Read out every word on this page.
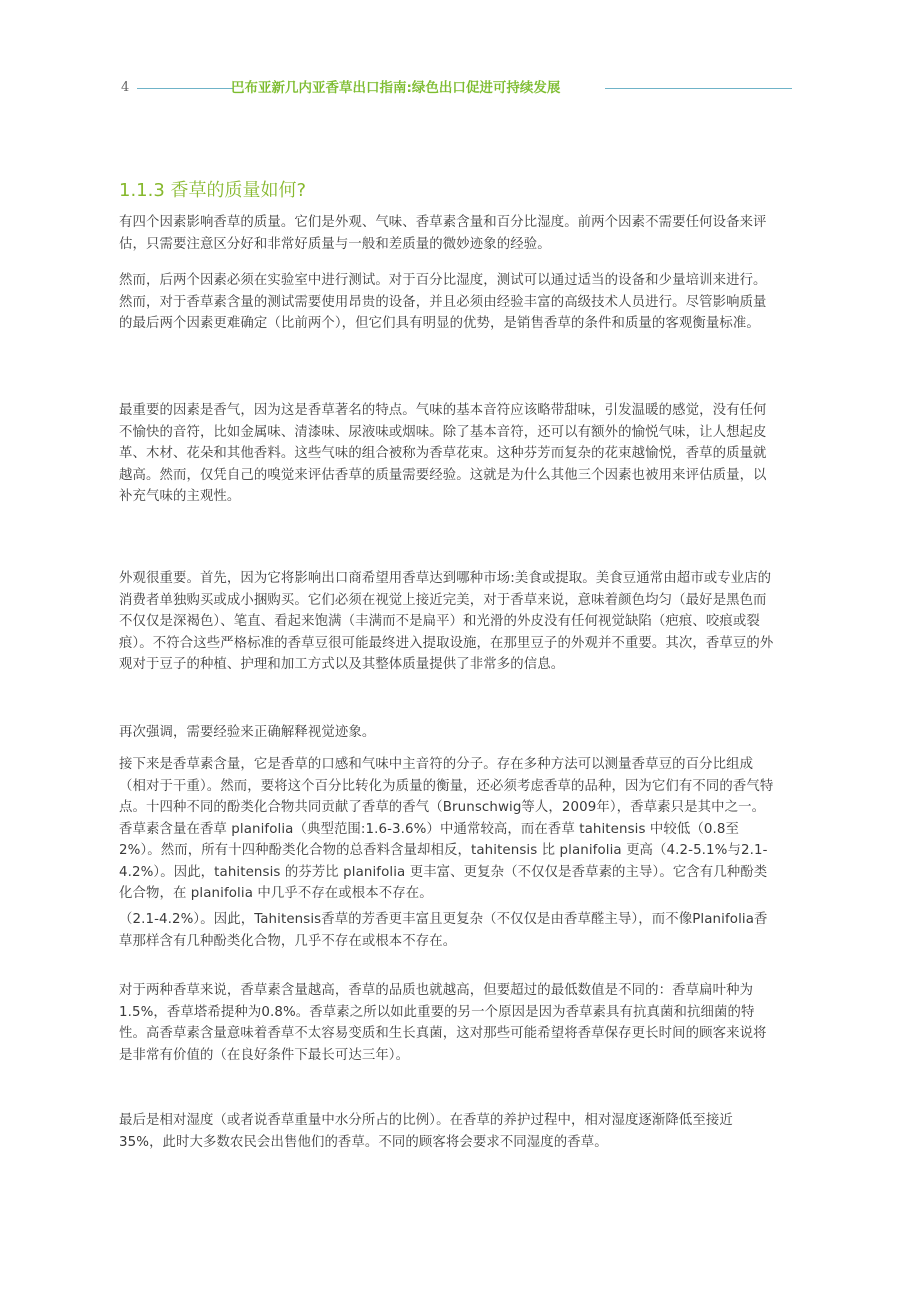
4	巴布亚新几内亚香草出口指南:绿色出口促进可持续发展
1.1.3 香草的质量如何?

有四个因素影响香草的质量。它们是外观、气味、香草素含量和百分比湿度。前两个因素不需要任何设备来评估，只需要注意区分好和非常好质量与一般和差质量的微妙迹象的经验。

然而，后两个因素必须在实验室中进行测试。对于百分比湿度，测试可以通过适当的设备和少量培训来进行。然而，对于香草素含量的测试需要使用昂贵的设备，并且必须由经验丰富的高级技术人员进行。尽管影响质量的最后两个因素更难确定（比前两个），但它们具有明显的优势，是销售香草的条件和质量的客观衡量标准。

最重要的因素是香气，因为这是香草著名的特点。气味的基本音符应该略带甜味，引发温暖的感觉，没有任何不愉快的音符，比如金属味、清漆味、尿液味或烟味。除了基本音符，还可以有额外的愉悦气味，让人想起皮革、木材、花朵和其他香料。这些气味的组合被称为香草花束。这种芬芳而复杂的花束越愉悦，香草的质量就越高。然而，仅凭自己的嗅觉来评估香草的质量需要经验。这就是为什么其他三个因素也被用来评估质量，以补充气味的主观性。

外观很重要。首先，因为它将影响出口商希望用香草达到哪种市场:美食或提取。美食豆通常由超市或专业店的消费者单独购买或成小捆购买。它们必须在视觉上接近完美，对于香草来说，意味着颜色均匀（最好是黑色而不仅仅是深褐色）、笔直、看起来饱满（丰满而不是扁平）和光滑的外皮没有任何视觉缺陷（疤痕、咬痕或裂痕）。不符合这些严格标准的香草豆很可能最终进入提取设施，在那里豆子的外观并不重要。其次，香草豆的外观对于豆子的种植、护理和加工方式以及其整体质量提供了非常多的信息。

再次强调，需要经验来正确解释视觉迹象。

接下来是香草素含量，它是香草的口感和气味中主音符的分子。存在多种方法可以测量香草豆的百分比组成（相对于干重）。然而，要将这个百分比转化为质量的衡量，还必须考虑香草的品种，因为它们有不同的香气特点。十四种不同的酚类化合物共同贡献了香草的香气（Brunschwig等人，2009年），香草素只是其中之一。香草素含量在香草 planifolia（典型范围:1.6-3.6%）中通常较高，而在香草 tahitensis 中较低（0.8至2%）。然而，所有十四种酚类化合物的总香料含量却相反，tahitensis 比 planifolia 更高（4.2-5.1%与2.1-4.2%）。因此，tahitensis 的芬芳比 planifolia 更丰富、更复杂（不仅仅是香草素的主导）。它含有几种酚类化合物，在 planifolia 中几乎不存在或根本不存在。

（2.1-4.2%）。因此，Tahitensis香草的芳香更丰富且更复杂（不仅仅是由香草醛主导），而不像Planifolia香草那样含有几种酚类化合物，几乎不存在或根本不存在。

对于两种香草来说，香草素含量越高，香草的品质也就越高，但要超过的最低数值是不同的：香草扁叶种为1.5%，香草塔希提种为0.8%。香草素之所以如此重要的另一个原因是因为香草素具有抗真菌和抗细菌的特性。高香草素含量意味着香草不太容易变质和生长真菌，这对那些可能希望将香草保存更长时间的顾客来说将是非常有价值的（在良好条件下最长可达三年）。

最后是相对湿度（或者说香草重量中水分所占的比例）。在香草的养护过程中，相对湿度逐渐降低至接近35%，此时大多数农民会出售他们的香草。不同的顾客将会要求不同湿度的香草。
